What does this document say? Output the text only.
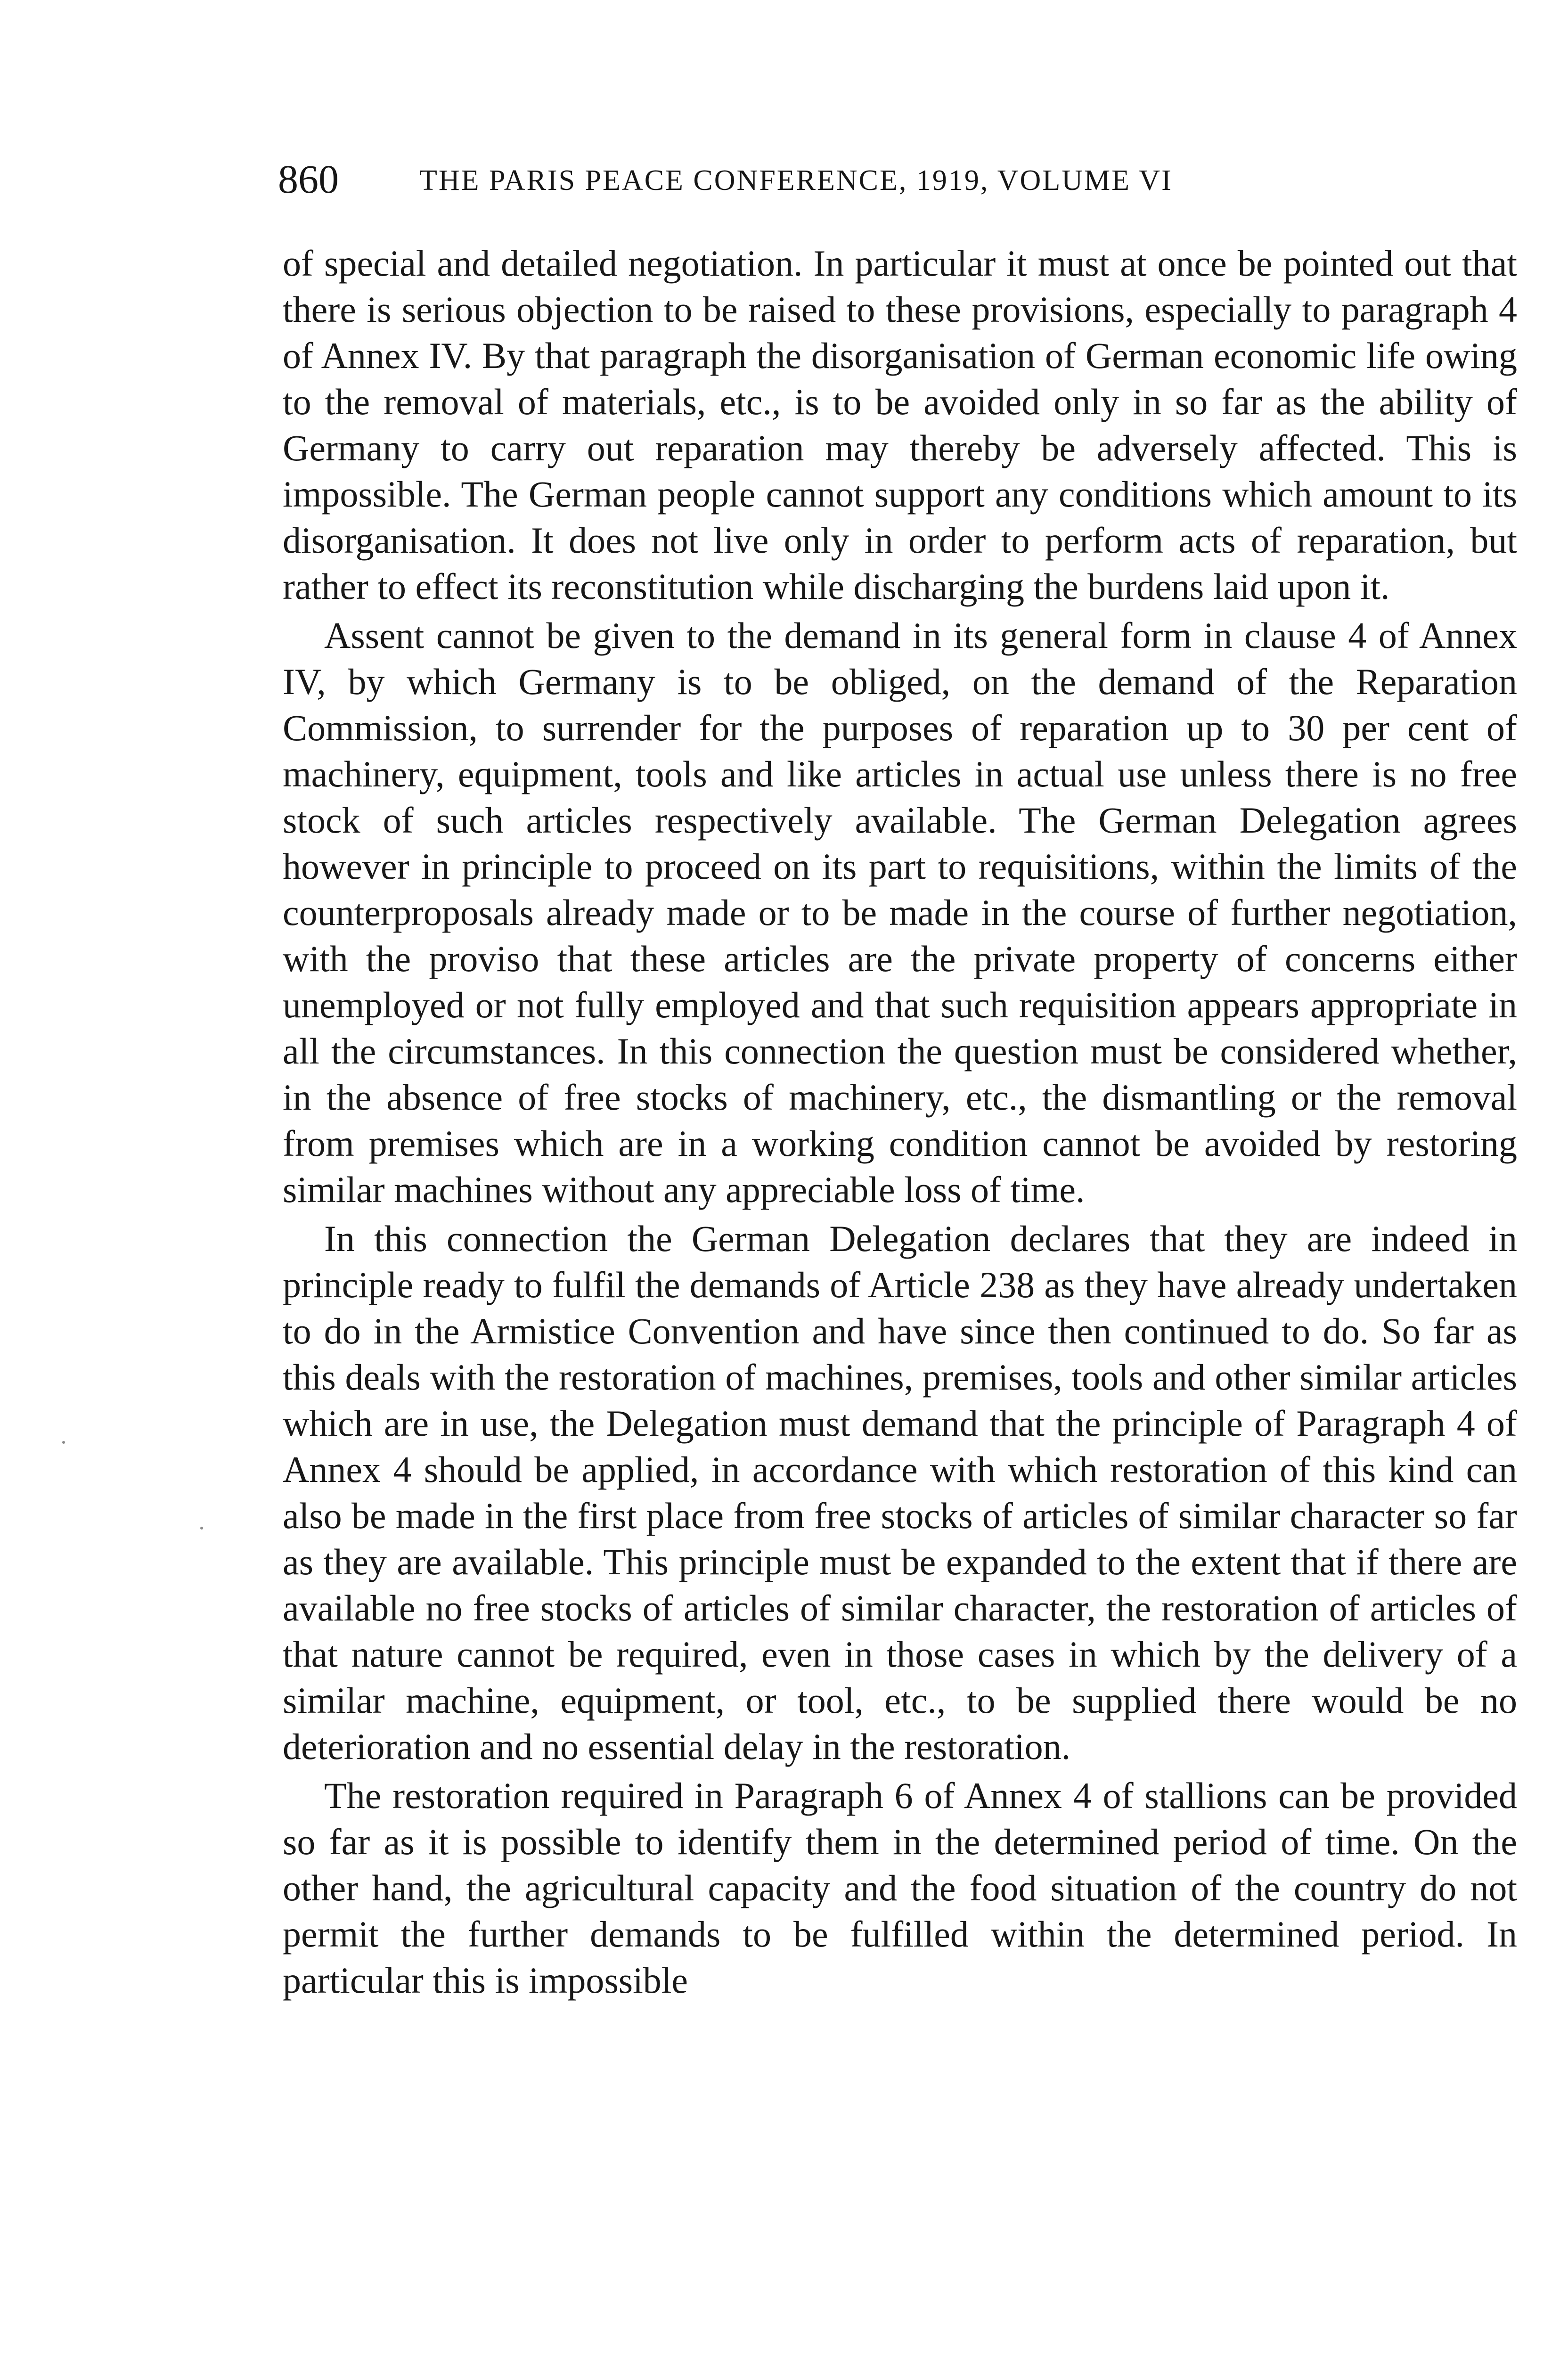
860	THE PARIS PEACE CONFERENCE, 1919, VOLUME VI

of special and detailed negotiation. In particular it must at once be pointed out that there is serious objection to be raised to these provisions, especially to paragraph 4 of Annex IV. By that paragraph the disorganisation of German economic life owing to the removal of materials, etc., is to be avoided only in so far as the ability of Germany to carry out reparation may thereby be adversely affected. This is impossible. The German people cannot support any conditions which amount to its disorganisation. It does not live only in order to perform acts of reparation, but rather to effect its reconstitution while discharging the burdens laid upon it.

Assent cannot be given to the demand in its general form in clause 4 of Annex IV, by which Germany is to be obliged, on the demand of the Reparation Commission, to surrender for the purposes of reparation up to 30 per cent of machinery, equipment, tools and like articles in actual use unless there is no free stock of such articles respectively available. The German Delegation agrees however in principle to proceed on its part to requisitions, within the limits of the counterproposals already made or to be made in the course of further negotiation, with the proviso that these articles are the private property of concerns either unemployed or not fully employed and that such requisition appears appropriate in all the circumstances. In this connection the question must be considered whether, in the absence of free stocks of machinery, etc., the dismantling or the removal from premises which are in a working condition cannot be avoided by restoring similar machines without any appreciable loss of time.

In this connection the German Delegation declares that they are indeed in principle ready to fulfil the demands of Article 238 as they have already undertaken to do in the Armistice Convention and have since then continued to do. So far as this deals with the restoration of machines, premises, tools and other similar articles which are in use, the Delegation must demand that the principle of Paragraph 4 of Annex 4 should be applied, in accordance with which restoration of this kind can also be made in the first place from free stocks of articles of similar character so far as they are available. This principle must be expanded to the extent that if there are available no free stocks of articles of similar character, the restoration of articles of that nature cannot be required, even in those cases in which by the delivery of a similar machine, equipment, or tool, etc., to be supplied there would be no deterioration and no essential delay in the restoration.

The restoration required in Paragraph 6 of Annex 4 of stallions can be provided so far as it is possible to identify them in the determined period of time. On the other hand, the agricultural capacity and the food situation of the country do not permit the further demands to be fulfilled within the determined period. In particular this is impossible
